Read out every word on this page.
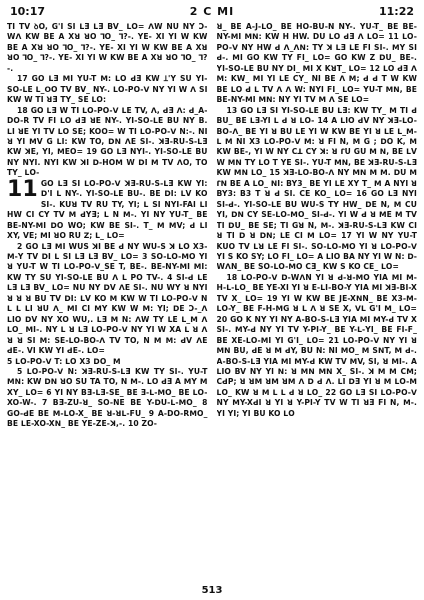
10:17	2 C MI	11:22

TI TV ꝺO, G'I SI ꓡƎ ꓡƎ BV_ ꓡO= ꓥW NU NY Ɔ-Wꓥ KW BE A Xꓤ ꓤO ꓶO_ ꓶ?-. YE- XI YI W KW BE A Xꓤ ꓤO ꓶO_ ꓶ?-. YE- XI YI W KW BE A Xꓤ ꓤO ꓶO_ ꓶ?-. YE- XI YI W KW BE A Xꓤ ꓤO ꓶO_ ꓶ?-.

17 GO ꓡƎ ꓟI YU-T ꓟ: ꓡO ꓒƎ KW Ʇ'Y SU YI-SO-ꓡE ꓡ_ꓳO TV BV_ NY-. ꓡO-PO-ꓦ NY YI W ꓥ SI KW W TI ꓤƎ TY_ SE ꓡO:

18 GO ꓡƎ W TI ꓡO-PO-ꓦ ꓡE TV, ꓥ, ꓒƎ ꓥ: ꓒ_A-DO-R TV FI ꓡO ꓒƎ ꓤE NY-. YI-SO-ꓡE BU NY B. ꓡI ꓤE YI TV ꓡO SE; KOO= W TI ꓡO-PO-ꓦ N:-. NI ꓤ YI ꓟV G ꓡI: KW TO, ꓓꓠ ꓥE SI-. ꓘƎ-RU-S-ꓡƎ KW ꓘE, YI, ꓟEO= 19 GO ꓡƎ NYI-. YI-SO-ꓡE BU NY NYI. NYI KW ꓘI ꓓ-HOꓟ W ꓓI ꓟ TV ꓥO, TO TY_ ꓡO-

11 GO ꓡƎ SI ꓡO-PO-ꓦ ꓘƎ-RU-S-ꓡƎ KW YI: ꓓ'I ꓡ NY-. YI-SO-ꓡE BU-. BE ꓓI: ꓡV KO SI-. KUꓤ TV RU TY, YI; ꓡ SI NYI-FAI ꓡI HW CI CY TV ꓟ ꓒYƎ; ꓡ N ꓟ-. YI NY YU-T_ BE BE-NY-ꓟI ꓓO WO; KW BE SI-. T_ ꓟ ꓟV; ꓒ ꓡI XY, VE; ꓟI ꓤO RU ꓜ; ꓡ_ ꓡO=

2 GO ꓡƎ ꓟI WUS ꓘI BE ꓒ NY WU-S ꓘ ꓡO X3-ꓟ-Y TV ꓓI ꓡ SI ꓡƎ ꓡƎ BV_ ꓡO= 3 SO-ꓡO-ꓟO YI ꓤ YU-T W TI ꓡO-PO-ꓦ_SE T, BE-. BE-NY-ꓟI ꓟI: KW TY SU YI-SO-ꓡE BU ꓥ ꓡ PO TV-. 4 SI-ꓒ ꓡE ꓡƎ ꓡƎ BV_ ꓡO= NU NY ꓓV ꓥE SI-. NU WY ꓤ NYI ꓤ ꓤ ꓤ BU TV ꓓI: ꓡV KO ꓟ KW W TI ꓡO-PO-ꓦ N ꓡ ꓡ ꓡI ꓤU ꓥ_ ꓟI CI ꓟY KW W ꓟ: YI; ꓓE Ɔ-_ꓥ ꓡIO ꓓV NY XO WU,. ꓡƎ ꓟ N: ꓥW TY ꓡE ꓡ_ꓟ ꓥ ꓡO_ ꓟI-. NY ꓡ ꓤ ꓡƎ ꓡO-PO-ꓦ NY YI W XA ꓡ ꓤ ꓥ ꓤ ꓤ SI ꓟ: SE-ꓡO-BO-ꓥ TV TO, N ꓟ ꓟ: ꓒV ꓥE ꓒE-. VI KW YI ꓒE-. ꓡO=

5 ꓡO-PO-ꓦ T: ꓡO X3 ꓓO_ ꓟ

5 ꓡO-PO-ꓦ N: ꓘƎ-RU-S-ꓡƎ KW TY SI-. YU-T ꓟꓠ: KW ꓓꓠ ꓤO SU TA TO, N ꓟ-. ꓡO ꓒƎ A ꓟY ꓟ XY_ ꓡO= 6 YI NY BƎ-ꓡƎ-SE_ BE Ǝ-ꓡ-ꓟO_ BE ꓡO-XO-W-. 7 BƎ-ZU-ꓤ_ SO-NE BE Y-ꓓU-ꓡ-ꓟO_ 8 GO-ꓒE BE ꓟ-ꓡO-X_ BE ꓤ-ꓤꓡ-FU_ 9 A-DO-RꓟO_ BE ꓡE-XO-Xꓠ_ BE YE-ZE-ꓘ,-. 10 ZO-

ꓤ_ BE A-J-ꓡO_ BE HO-BU-N NY-. YU-T_ BE BE-NY-ꓟI ꓟꓠ: KW H HW. DU ꓡO ꓒƎ ꓥ ꓡO= 11 ꓡO-PO-ꓦ NY HW ꓒ ꓥ_ꓥꓠ: TY ꓘ ꓡƎ ꓡE FI SI-. ꓟY SI ꓒ-. ꓟI GO KW TY FI_ ꓡO= GO KW Z ꓓU_ BE-. YI-SO-ꓡE BU NY ꓓI_ ꓟI X KꓤT_ ꓡO= 12 ꓡO ꓒƎ ꓥ ꓟ: KW_ ꓟI YI ꓡE CY_ NI BE ꓥ ꓟ; ꓒ ꓒ T W KW BE ꓡO ꓒ ꓡ TV ꓥ ꓥ W: NYI FI_ ꓡO= YU-T ꓟꓠ, BE BE-NY-ꓟI ꓟꓠ: NY YI TV ꓟ ꓥ SE ꓡO=

13 GO ꓡƎ SI YI-SO-ꓡE BU ꓡƎ: KW TY_ ꓟ TI ꓒ BU_ BE ꓡƎ-YI ꓡ ꓒ ꓤ ꓡO- 14 A ꓡIO ꓒV NY ꓘƎ-ꓡO-BO-ꓥ_ BE YI ꓤ BU ꓡE YI W KW BE YI ꓤ ꓡE ꓡ_ꓟ- ꓡ ꓟ NI X3 ꓡO-PO-ꓦ ꓟ: ꓤ FI N, ꓟ G ; ꓓO K, ꓟ KW BE-, YI W NY Cꓕ CY ꓘ: ꓤ ꓩU GU ꓟ ꓠ, BE ꓡV W ꓟꓠ TY ꓡO T YE SI-. YU-T ꓟꓠ, BE ꓘƎ-RU-S-ꓡƎ KW ꓟꓠ ꓡO_ 15 ꓘƎ-ꓡO-BO-ꓥ NY ꓟꓠ ꓟ ꓟ. ꓓU ꓟ ꓩꓠ BE A ꓡO_ ꓠI: BY3_ BE YI ꓡE XY T_ ꓟ A NYI ꓤ BY3: B3 T ꓤ ꓒ SI. CE KO_ ꓡO= 16 GO ꓡƎ NYI SI-ꓒ-. YI-SO-ꓡE BU WU-S TY HW_ ꓓE N, ꓟ CU YI, ꓓꓠ CY SE-ꓡO-ꓟO_ SI-ꓒ-. YI W ꓒ ꓤ ꓟE ꓟ TV TI ꓓU_ BE SE; TI Gꓤ N, ꓟ-. ꓘƎ-RU-S-ꓡƎ KW CI ꓤ TI ꓓ ꓤ ꓓꓠ; ꓡE CI ꓟ ꓡO= 17 YI W NY YU-T KUO TV ꓡꓤ ꓡE FI SI-. SO-ꓡO-ꓟO YI ꓤ ꓡO-PO-ꓦ YI S KO SY; ꓡO FI_ ꓡO= A ꓡIO BA NY YI W N: ꓓ-WꓥN_ BE SO-ꓡO-ꓟO CƎ_ KW S KO CE_ ꓡO=

18 ꓡO-PO-ꓦ ꓓ-WꓥN YI ꓤ ꓒ-ꓤ-ꓟO YIA ꓟI ꓟ-H-ꓡ-ꓡO_ BE YE-XI YI ꓤ E-ꓡI-BO-Y YIA ꓟI ꓘƎ-BI-X TV X_ ꓡO= 19 YI W KW BE JE-XꓠN_ BE X3-ꓟ-ꓡO-Y_ BE F-H-ꓟG ꓤ ꓡ ꓥ ꓤ SE X, ꓦꓡ G'I ꓟ_ ꓡO= 20 GO K NY YI NY A-BO-S-ꓡƎ YIA ꓟI ꓟY-ꓒ TV X SI-. ꓟY-ꓒ NY YI TV Y-PI-Y_ BE Y-ꓡ-YI_ BE FI-F_ BE XE-ꓡO-ꓟI YI G'I_ ꓡO= 21 ꓡO-PO-ꓦ NY YI ꓤ ꓟꓠ BU, ꓒE ꓤ ꓟ ꓒY, BU N: NI ꓟO_ ꓟ SꓠT, ꓟ ꓒ-. A-BO-S-ꓡƎ YIA ꓟI ꓟY-ꓒ KW TV ꓟV, SI, ꓤ ꓟI-. A ꓡIO BV NY YI ꓠ: ꓤ ꓟꓠ ꓟꓠ X_ SI-. ꓘ ꓟ ꓟ Cꓟ; CꓒP; ꓤ ꓤꓟ ꓤꓟ ꓤꓟ ꓥ ꓓ ꓒ ꓥ. ꓡI ꓓƎ YI ꓤ ꓟ ꓡO-ꓟ ꓡO_ KW ꓤ ꓟ ꓡ ꓡ ꓒ ꓤ ꓡO_ 22 GO ꓡƎ SI ꓡO-PO-ꓦ NY ꓟY-XꓒI ꓤ YI ꓤ Y-PI-Y TV W TI ꓤƎ FI N, ꓟ-. YI YI; YI BU KO ꓡO

513
